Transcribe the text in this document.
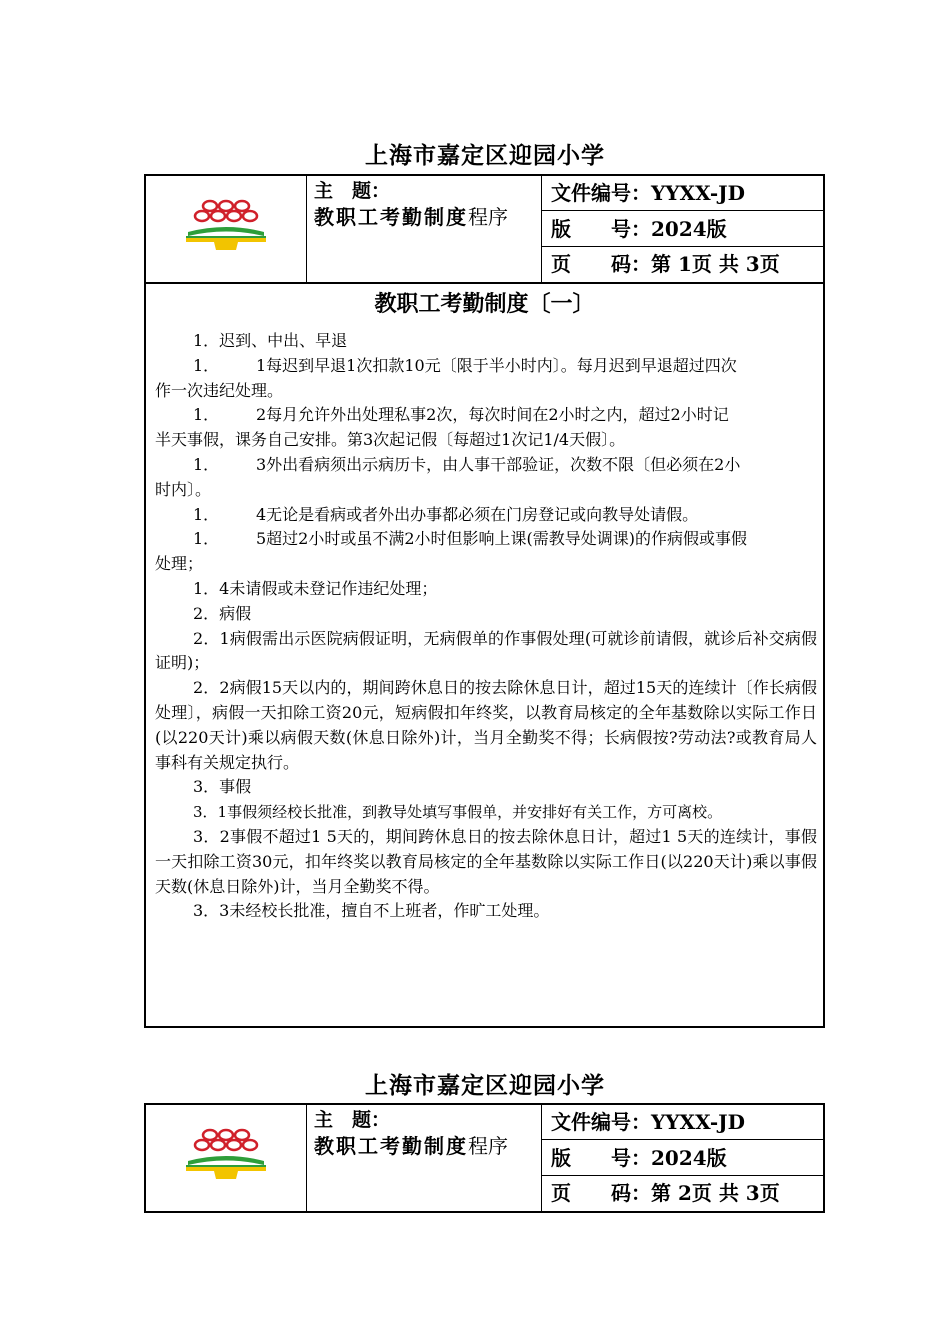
上海市嘉定区迎园小学
主　题：
教职工考勤制度程序
文件编号：YYXX-JD
版　　号：2024版
页　　码：第 1页 共 3页
教职工考勤制度〔一〕

1．迟到、中出、早退

1． 1每迟到早退1次扣款10元〔限于半小时内〕。每月迟到早退超过四次

作一次违纪处理。

1． 2每月允许外出处理私事2次，每次时间在2小时之内，超过2小时记

半天事假，课务自己安排。第3次起记假〔每超过1次记1/4天假〕。

1． 3外出看病须出示病历卡，由人事干部验证，次数不限〔但必须在2小

时内〕。

1． 4无论是看病或者外出办事都必须在门房登记或向教导处请假。

1． 5超过2小时或虽不满2小时但影响上课(需教导处调课)的作病假或事假

处理；

1．4未请假或未登记作违纪处理；

2．病假

2．1病假需出示医院病假证明，无病假单的作事假处理(可就诊前请假，就诊后补交病假证明)；

2．2病假15天以内的，期间跨休息日的按去除休息日计，超过15天的连续计〔作长病假处理〕，病假一天扣除工资20元，短病假扣年终奖，以教育局核定的全年基数除以实际工作日(以220天计)乘以病假天数(休息日除外)计，当月全勤奖不得；长病假按?劳动法?或教育局人事科有关规定执行。

3．事假

3．1事假须经校长批准，到教导处填写事假单，并安排好有关工作，方可离校。

3．2事假不超过1 5天的，期间跨休息日的按去除休息日计，超过1 5天的连续计，事假一天扣除工资30元，扣年终奖以教育局核定的全年基数除以实际工作日(以220天计)乘以事假天数(休息日除外)计，当月全勤奖不得。

3．3未经校长批准，擅自不上班者，作旷工处理。

上海市嘉定区迎园小学
主　题：
教职工考勤制度程序
文件编号：YYXX-JD
版　　号：2024版
页　　码：第 2页 共 3页
